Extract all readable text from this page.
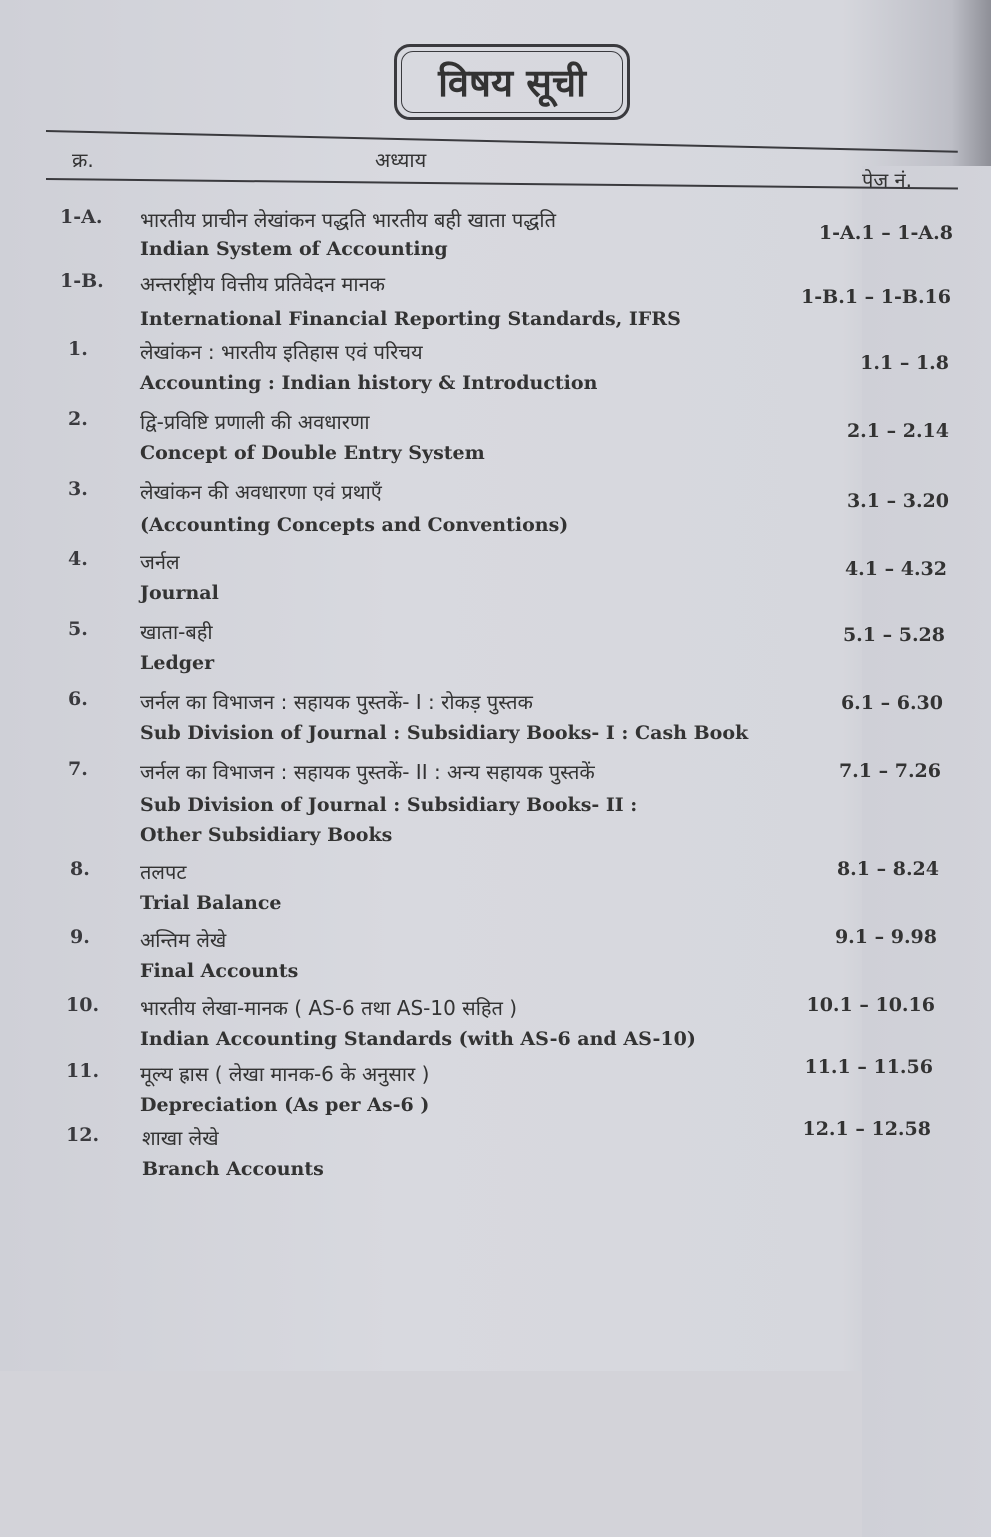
विषय सूची
क्र.	अध्याय
पेज नं.
1-A. भारतीय प्राचीन लेखांकन पद्धति भारतीय बही खाता पद्धति
Indian System of Accounting
1-A.1 – 1-A.8
1-B. अन्तर्राष्ट्रीय वित्तीय प्रतिवेदन मानक
International Financial Reporting Standards, IFRS
1-B.1 – 1-B.16
1.	लेखांकन : भारतीय इतिहास एवं परिचय
Accounting : Indian history & Introduction
1.1 – 1.8
2.	द्वि-प्रविष्टि प्रणाली की अवधारणा
Concept of Double Entry System
2.1 – 2.14
3.	लेखांकन की अवधारणा एवं प्रथाएँ
(Accounting Concepts and Conventions)
3.1 – 3.20
4.	जर्नल
Journal
4.1 – 4.32
5.	खाता-बही
Ledger
5.1 – 5.28
6.	जर्नल का विभाजन : सहायक पुस्तकें- I : रोकड़ पुस्तक
Sub Division of Journal : Subsidiary Books- I : Cash Book
6.1 – 6.30
7.	जर्नल का विभाजन : सहायक पुस्तकें- II : अन्य सहायक पुस्तकें
Sub Division of Journal : Subsidiary Books- II :
Other Subsidiary Books
7.1 – 7.26
8.	तलपट
Trial Balance
8.1 – 8.24
9.	अन्तिम लेखे
Final Accounts
9.1 – 9.98
10. भारतीय लेखा-मानक ( AS-6 तथा AS-10 सहित )
Indian Accounting Standards (with AS-6 and AS-10)
10.1 – 10.16
11. मूल्य ह्रास ( लेखा मानक-6 के अनुसार )
Depreciation (As per As-6 )
11.1 – 11.56
12. शाखा लेखे
Branch Accounts
12.1 – 12.58
